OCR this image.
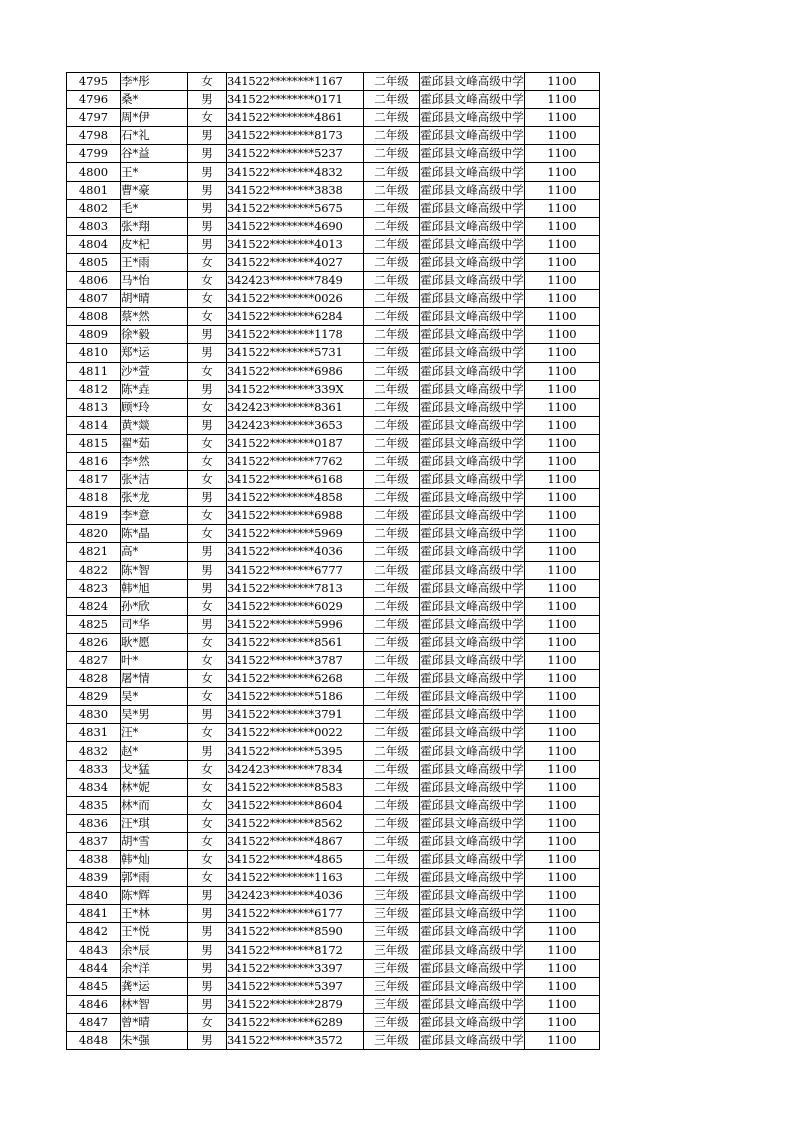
4795	李*彤	女	341522********1167	二年级	霍邱县文峰高级中学	1100
4796	桑*	男	341522********0171	二年级	霍邱县文峰高级中学	1100
4797	周*伊	女	341522********4861	二年级	霍邱县文峰高级中学	1100
4798	石*礼	男	341522********8173	二年级	霍邱县文峰高级中学	1100
4799	谷*益	男	341522********5237	二年级	霍邱县文峰高级中学	1100
4800	王*	男	341522********4832	二年级	霍邱县文峰高级中学	1100
4801	曹*豪	男	341522********3838	二年级	霍邱县文峰高级中学	1100
4802	毛*	男	341522********5675	二年级	霍邱县文峰高级中学	1100
4803	张*翔	男	341522********4690	二年级	霍邱县文峰高级中学	1100
4804	皮*杞	男	341522********4013	二年级	霍邱县文峰高级中学	1100
4805	王*雨	女	341522********4027	二年级	霍邱县文峰高级中学	1100
4806	马*怡	女	342423********7849	二年级	霍邱县文峰高级中学	1100
4807	胡*晴	女	341522********0026	二年级	霍邱县文峰高级中学	1100
4808	蔡*然	女	341522********6284	二年级	霍邱县文峰高级中学	1100
4809	徐*毅	男	341522********1178	二年级	霍邱县文峰高级中学	1100
4810	郑*运	男	341522********5731	二年级	霍邱县文峰高级中学	1100
4811	沙*萱	女	341522********6986	二年级	霍邱县文峰高级中学	1100
4812	陈*垚	男	341522********339X	二年级	霍邱县文峰高级中学	1100
4813	顾*玲	女	342423********8361	二年级	霍邱县文峰高级中学	1100
4814	黄*燚	男	342423********3653	二年级	霍邱县文峰高级中学	1100
4815	翟*茹	女	341522********0187	二年级	霍邱县文峰高级中学	1100
4816	李*然	女	341522********7762	二年级	霍邱县文峰高级中学	1100
4817	张*洁	女	341522********6168	二年级	霍邱县文峰高级中学	1100
4818	张*龙	男	341522********4858	二年级	霍邱县文峰高级中学	1100
4819	李*意	女	341522********6988	二年级	霍邱县文峰高级中学	1100
4820	陈*晶	女	341522********5969	二年级	霍邱县文峰高级中学	1100
4821	高*	男	341522********4036	二年级	霍邱县文峰高级中学	1100
4822	陈*智	男	341522********6777	二年级	霍邱县文峰高级中学	1100
4823	韩*旭	男	341522********7813	二年级	霍邱县文峰高级中学	1100
4824	孙*欣	女	341522********6029	二年级	霍邱县文峰高级中学	1100
4825	司*华	男	341522********5996	二年级	霍邱县文峰高级中学	1100
4826	耿*愿	女	341522********8561	二年级	霍邱县文峰高级中学	1100
4827	叶*	女	341522********3787	二年级	霍邱县文峰高级中学	1100
4828	屠*情	女	341522********6268	二年级	霍邱县文峰高级中学	1100
4829	吴*	女	341522********5186	二年级	霍邱县文峰高级中学	1100
4830	吴*男	男	341522********3791	二年级	霍邱县文峰高级中学	1100
4831	汪*	女	341522********0022	二年级	霍邱县文峰高级中学	1100
4832	赵*	男	341522********5395	二年级	霍邱县文峰高级中学	1100
4833	戈*猛	女	342423********7834	二年级	霍邱县文峰高级中学	1100
4834	林*妮	女	341522********8583	二年级	霍邱县文峰高级中学	1100
4835	林*而	女	341522********8604	二年级	霍邱县文峰高级中学	1100
4836	汪*琪	女	341522********8562	二年级	霍邱县文峰高级中学	1100
4837	胡*雪	女	341522********4867	二年级	霍邱县文峰高级中学	1100
4838	韩*灿	女	341522********4865	二年级	霍邱县文峰高级中学	1100
4839	郭*雨	女	341522********1163	二年级	霍邱县文峰高级中学	1100
4840	陈*辉	男	342423********4036	三年级	霍邱县文峰高级中学	1100
4841	王*林	男	341522********6177	三年级	霍邱县文峰高级中学	1100
4842	王*悦	男	341522********8590	三年级	霍邱县文峰高级中学	1100
4843	余*辰	男	341522********8172	三年级	霍邱县文峰高级中学	1100
4844	余*洋	男	341522********3397	三年级	霍邱县文峰高级中学	1100
4845	龚*运	男	341522********5397	三年级	霍邱县文峰高级中学	1100
4846	林*智	男	341522********2879	三年级	霍邱县文峰高级中学	1100
4847	曾*晴	女	341522********6289	三年级	霍邱县文峰高级中学	1100
4848	朱*强	男	341522********3572	三年级	霍邱县文峰高级中学	1100
